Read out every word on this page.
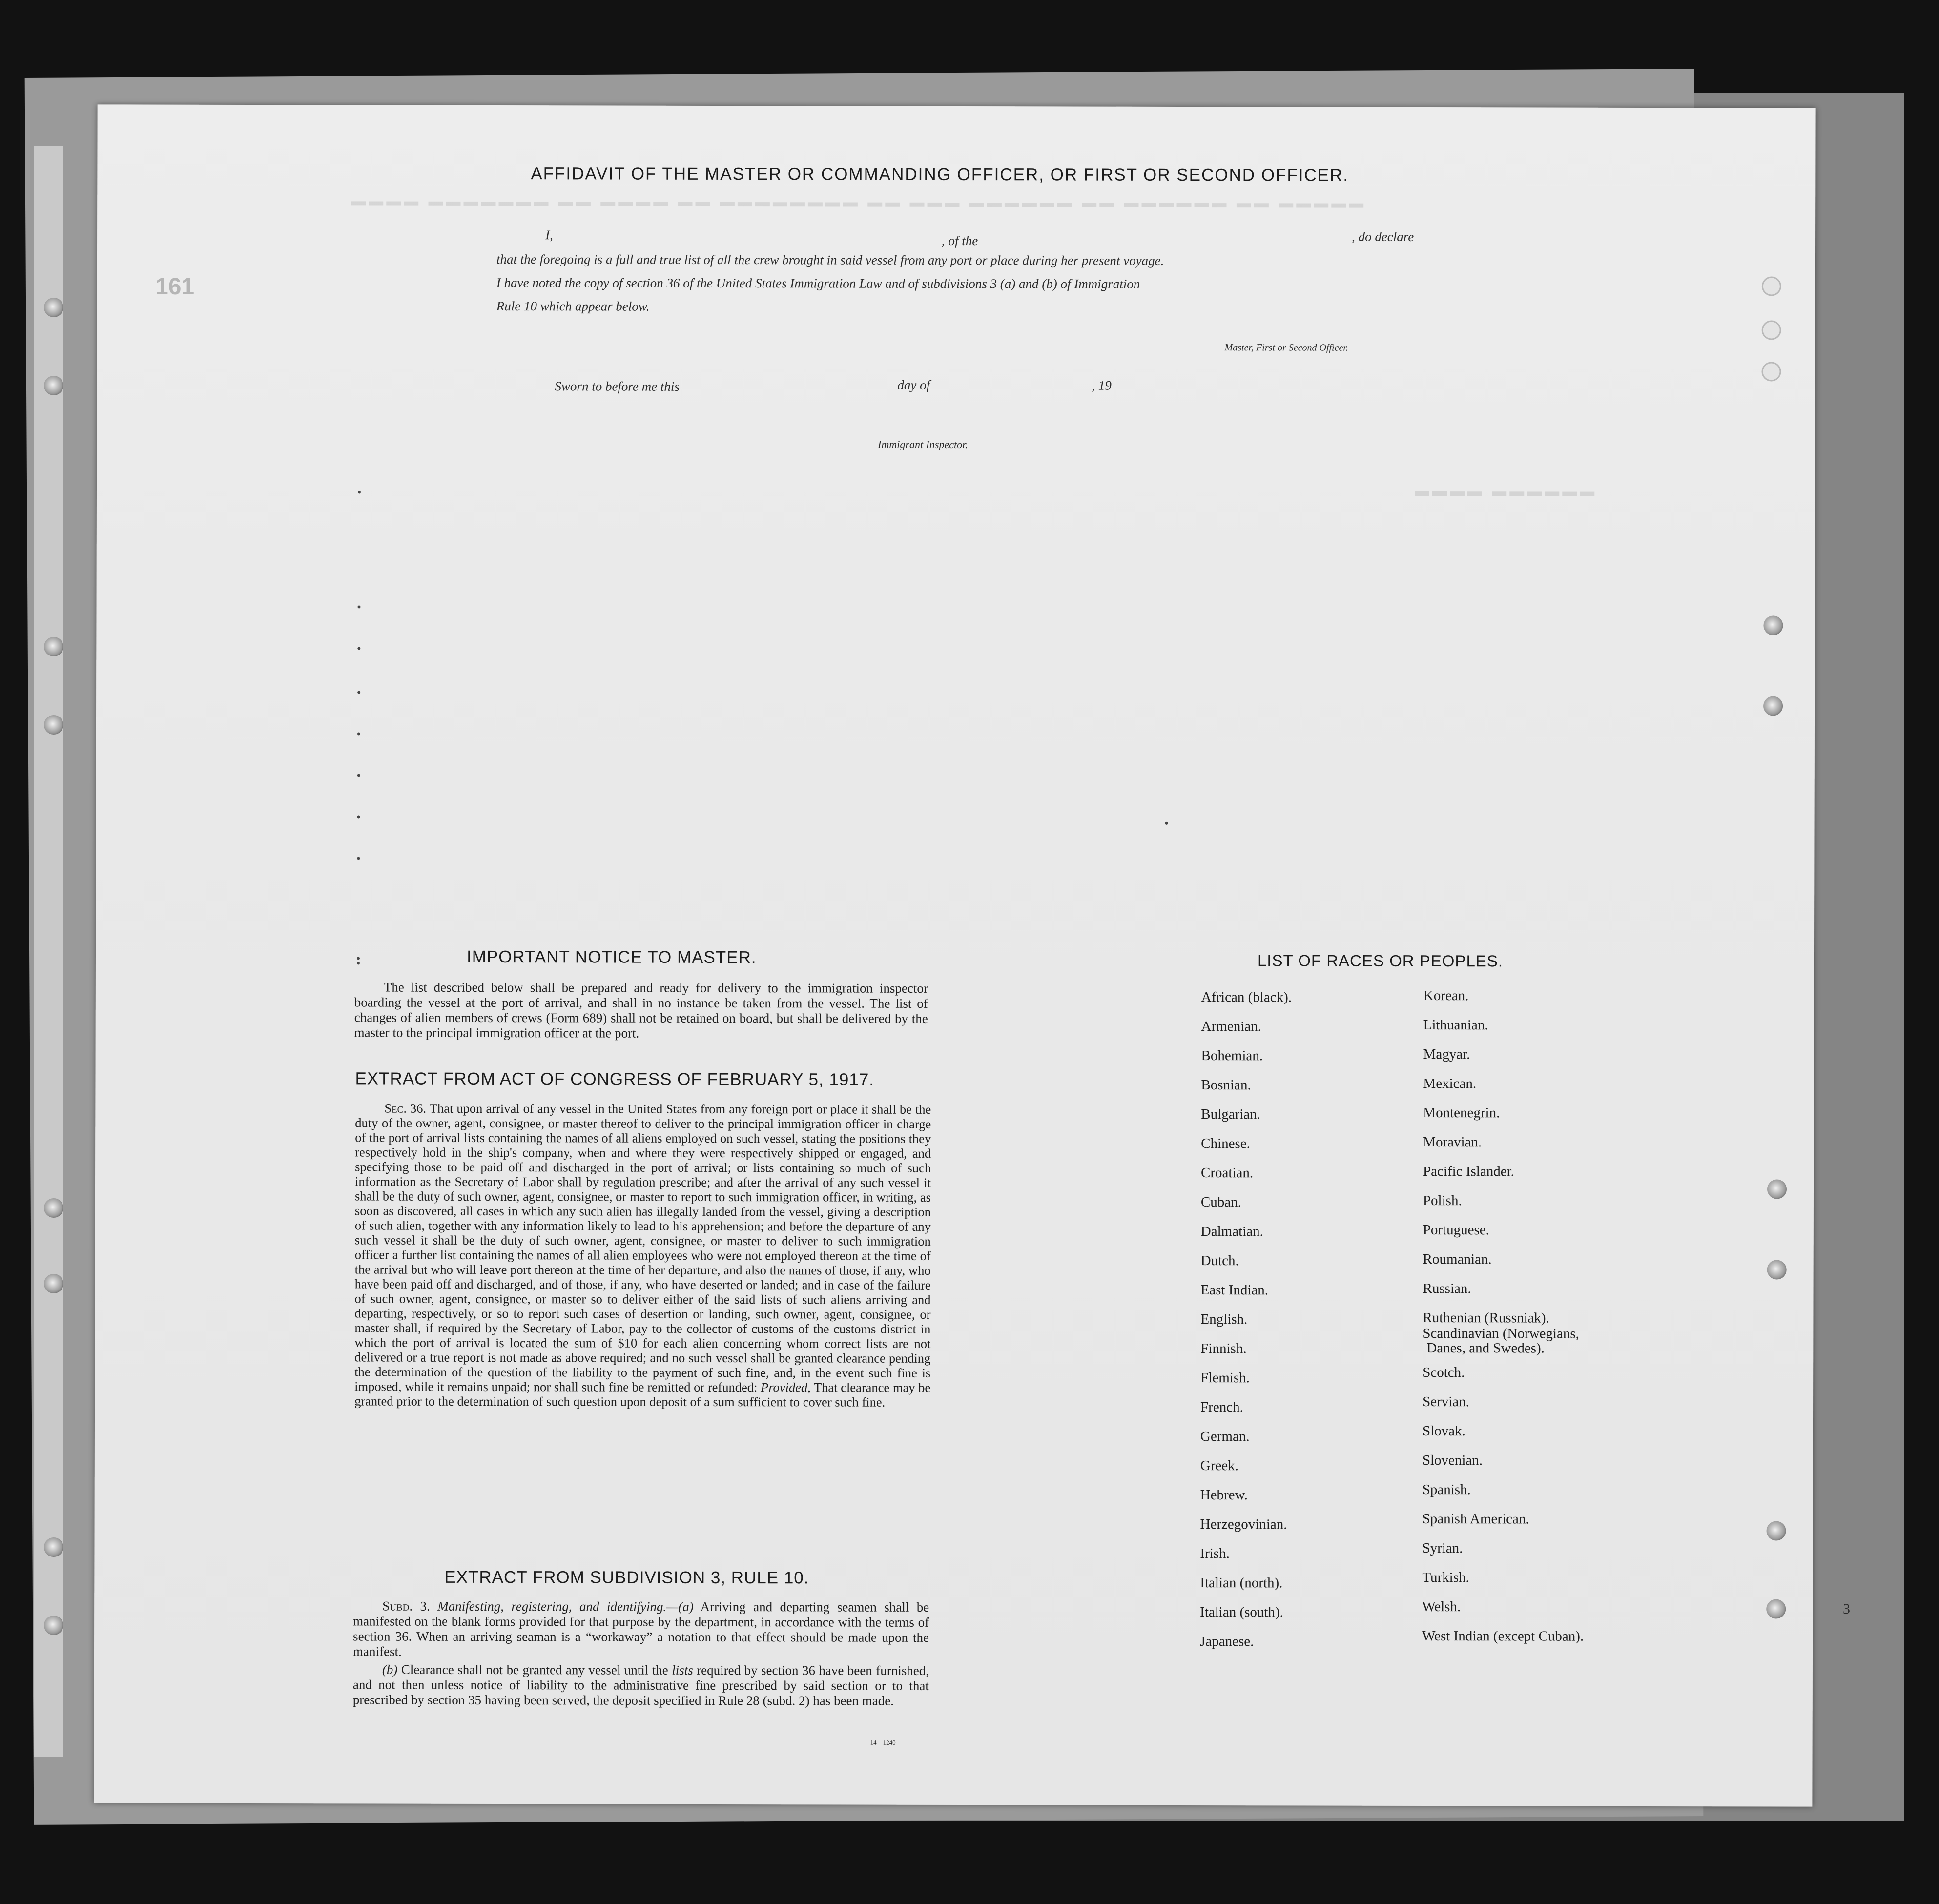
▬▬▬▬ ▬▬▬▬▬▬▬ ▬▬ ▬▬▬▬ ▬▬ ▬▬▬▬▬▬▬▬ ▬▬ ▬▬▬ ▬▬▬▬▬▬ ▬▬ ▬▬▬▬▬▬ ▬▬ ▬▬▬▬▬
▬▬▬▬ ▬▬▬▬▬▬
AFFIDAVIT OF THE MASTER OR COMMANDING OFFICER, OR FIRST OR SECOND OFFICER.
I,	, of the	, do declare
that the foregoing is a full and true list of all the crew brought in said vessel from any port or place during her present voyage.
I have noted the copy of section 36 of the United States Immigration Law and of subdivisions 3 (a) and (b) of Immigration
Rule 10 which appear below.
Master, First or Second Officer.
Sworn to before me this	day of	, 19
Immigrant Inspector.
IMPORTANT NOTICE TO MASTER.
The list described below shall be prepared and ready for delivery to the immigration inspector boarding the vessel at the port of arrival, and shall in no instance be taken from the vessel. The list of changes of alien members of crews (Form 689) shall not be retained on board, but shall be delivered by the master to the principal immigration officer at the port.
EXTRACT FROM ACT OF CONGRESS OF FEBRUARY 5, 1917.
Sec. 36. That upon arrival of any vessel in the United States from any foreign port or place it shall be the duty of the owner, agent, consignee, or master thereof to deliver to the principal immigration officer in charge of the port of arrival lists containing the names of all aliens employed on such vessel, stating the positions they respectively hold in the ship's company, when and where they were respectively shipped or engaged, and specifying those to be paid off and discharged in the port of arrival; or lists containing so much of such information as the Secretary of Labor shall by regulation prescribe; and after the arrival of any such vessel it shall be the duty of such owner, agent, consignee, or master to report to such immigration officer, in writing, as soon as discovered, all cases in which any such alien has illegally landed from the vessel, giving a description of such alien, together with any information likely to lead to his apprehension; and before the departure of any such vessel it shall be the duty of such owner, agent, consignee, or master to deliver to such immigration officer a further list containing the names of all alien employees who were not employed thereon at the time of the arrival but who will leave port thereon at the time of her departure, and also the names of those, if any, who have been paid off and discharged, and of those, if any, who have deserted or landed; and in case of the failure of such owner, agent, consignee, or master so to deliver either of the said lists of such aliens arriving and departing, respectively, or so to report such cases of desertion or landing, such owner, agent, consignee, or master shall, if required by the Secretary of Labor, pay to the collector of customs of the customs district in which the port of arrival is located the sum of $10 for each alien concerning whom correct lists are not delivered or a true report is not made as above required; and no such vessel shall be granted clearance pending the determination of the question of the liability to the payment of such fine, and, in the event such fine is imposed, while it remains unpaid; nor shall such fine be remitted or refunded: Provided, That clearance may be granted prior to the determination of such question upon deposit of a sum sufficient to cover such fine.
EXTRACT FROM SUBDIVISION 3, RULE 10.
Subd. 3. Manifesting, registering, and identifying.—(a) Arriving and departing seamen shall be manifested on the blank forms provided for that purpose by the department, in accordance with the terms of section 36. When an arriving seaman is a “workaway” a notation to that effect should be made upon the manifest.
(b) Clearance shall not be granted any vessel until the lists required by section 36 have been furnished, and not then unless notice of liability to the administrative fine prescribed by said section or to that prescribed by section 35 having been served, the deposit specified in Rule 28 (subd. 2) has been made.
14—1240
LIST OF RACES OR PEOPLES.
African (black).
Armenian.
Bohemian.
Bosnian.
Bulgarian.
Chinese.
Croatian.
Cuban.
Dalmatian.
Dutch.
East Indian.
English.
Finnish.
Flemish.
French.
German.
Greek.
Hebrew.
Herzegovinian.
Irish.
Italian (north).
Italian (south).
Japanese.
Korean.
Lithuanian.
Magyar.
Mexican.
Montenegrin.
Moravian.
Pacific Islander.
Polish.
Portuguese.
Roumanian.
Russian.
Ruthenian (Russniak).
Scandinavian (Norwegians,
Danes, and Swedes).
Scotch.
Servian.
Slovak.
Slovenian.
Spanish.
Spanish American.
Syrian.
Turkish.
Welsh.
West Indian (except Cuban).
161
3
